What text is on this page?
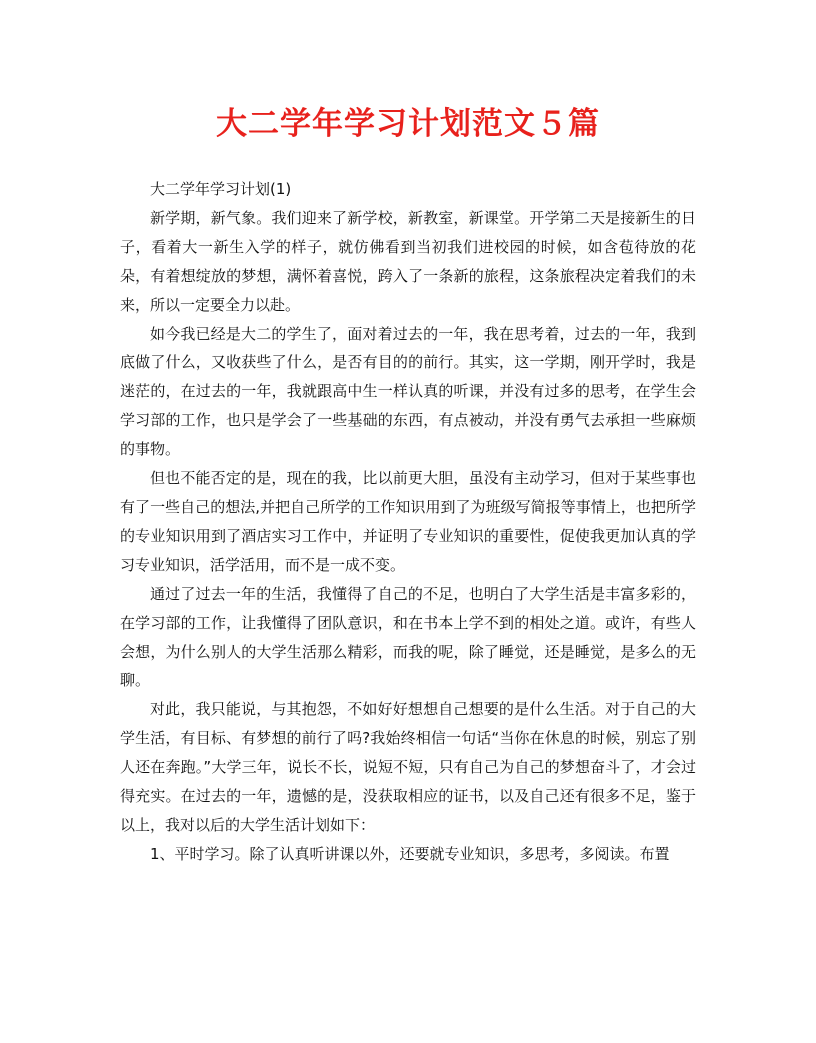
大二学年学习计划范文５篇

大二学年学习计划(1)

新学期，新气象。我们迎来了新学校，新教室，新课堂。开学第二天是接新生的日子，看着大一新生入学的样子，就仿佛看到当初我们进校园的时候，如含苞待放的花朵，有着想绽放的梦想，满怀着喜悦，跨入了一条新的旅程，这条旅程决定着我们的未来，所以一定要全力以赴。

如今我已经是大二的学生了，面对着过去的一年，我在思考着，过去的一年，我到底做了什么，又收获些了什么，是否有目的的前行。其实，这一学期，刚开学时，我是迷茫的，在过去的一年，我就跟高中生一样认真的听课，并没有过多的思考，在学生会学习部的工作，也只是学会了一些基础的东西，有点被动，并没有勇气去承担一些麻烦的事物。

但也不能否定的是，现在的我，比以前更大胆，虽没有主动学习，但对于某些事也有了一些自己的想法,并把自己所学的工作知识用到了为班级写简报等事情上，也把所学的专业知识用到了酒店实习工作中，并证明了专业知识的重要性，促使我更加认真的学习专业知识，活学活用，而不是一成不变。

通过了过去一年的生活，我懂得了自己的不足，也明白了大学生活是丰富多彩的，在学习部的工作，让我懂得了团队意识，和在书本上学不到的相处之道。或许，有些人会想，为什么别人的大学生活那么精彩，而我的呢，除了睡觉，还是睡觉，是多么的无聊。

对此，我只能说，与其抱怨，不如好好想想自己想要的是什么生活。对于自己的大学生活，有目标、有梦想的前行了吗?我始终相信一句话“当你在休息的时候，别忘了别人还在奔跑。”大学三年，说长不长，说短不短，只有自己为自己的梦想奋斗了，才会过得充实。在过去的一年，遗憾的是，没获取相应的证书，以及自己还有很多不足，鉴于以上，我对以后的大学生活计划如下：

1、平时学习。除了认真听讲课以外，还要就专业知识，多思考，多阅读。布置
